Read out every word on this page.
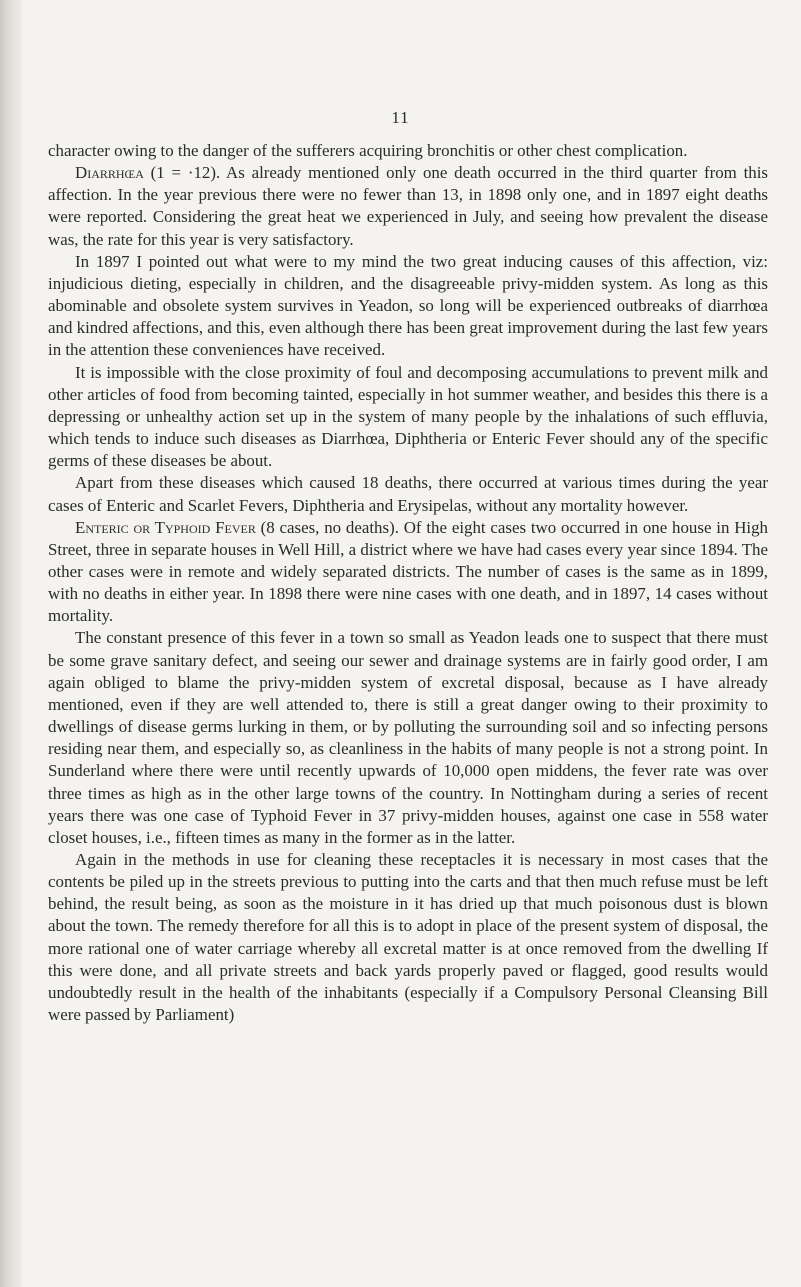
11

character owing to the danger of the sufferers acquiring bronchitis or other chest complication.

Diarrhœa (1 = ·12). As already mentioned only one death occurred in the third quarter from this affection. In the year previous there were no fewer than 13, in 1898 only one, and in 1897 eight deaths were reported. Considering the great heat we experienced in July, and seeing how prevalent the disease was, the rate for this year is very satisfactory.

In 1897 I pointed out what were to my mind the two great inducing causes of this affection, viz: injudicious dieting, especially in children, and the disagreeable privy-midden system. As long as this abominable and obsolete system survives in Yeadon, so long will be experienced outbreaks of diarrhœa and kindred affections, and this, even although there has been great improvement during the last few years in the attention these conveniences have received.

It is impossible with the close proximity of foul and decomposing accumulations to prevent milk and other articles of food from becoming tainted, especially in hot summer weather, and besides this there is a depressing or unhealthy action set up in the system of many people by the inhalations of such effluvia, which tends to induce such diseases as Diarrhœa, Diphtheria or Enteric Fever should any of the specific germs of these diseases be about.

Apart from these diseases which caused 18 deaths, there occurred at various times during the year cases of Enteric and Scarlet Fevers, Diphtheria and Erysipelas, without any mortality however.

Enteric or Typhoid Fever (8 cases, no deaths). Of the eight cases two occurred in one house in High Street, three in separate houses in Well Hill, a district where we have had cases every year since 1894. The other cases were in remote and widely separated districts. The number of cases is the same as in 1899, with no deaths in either year. In 1898 there were nine cases with one death, and in 1897, 14 cases without mortality.

The constant presence of this fever in a town so small as Yeadon leads one to suspect that there must be some grave sanitary defect, and seeing our sewer and drainage systems are in fairly good order, I am again obliged to blame the privy-midden system of excretal disposal, because as I have already mentioned, even if they are well attended to, there is still a great danger owing to their proximity to dwellings of disease germs lurking in them, or by polluting the surrounding soil and so infecting persons residing near them, and especially so, as cleanliness in the habits of many people is not a strong point. In Sunderland where there were until recently upwards of 10,000 open middens, the fever rate was over three times as high as in the other large towns of the country. In Nottingham during a series of recent years there was one case of Typhoid Fever in 37 privy-midden houses, against one case in 558 water closet houses, i.e., fifteen times as many in the former as in the latter.

Again in the methods in use for cleaning these receptacles it is necessary in most cases that the contents be piled up in the streets previous to putting into the carts and that then much refuse must be left behind, the result being, as soon as the moisture in it has dried up that much poisonous dust is blown about the town. The remedy therefore for all this is to adopt in place of the present system of disposal, the more rational one of water carriage whereby all excretal matter is at once removed from the dwelling If this were done, and all private streets and back yards properly paved or flagged, good results would undoubtedly result in the health of the inhabitants (especially if a Compulsory Personal Cleansing Bill were passed by Parliament)
